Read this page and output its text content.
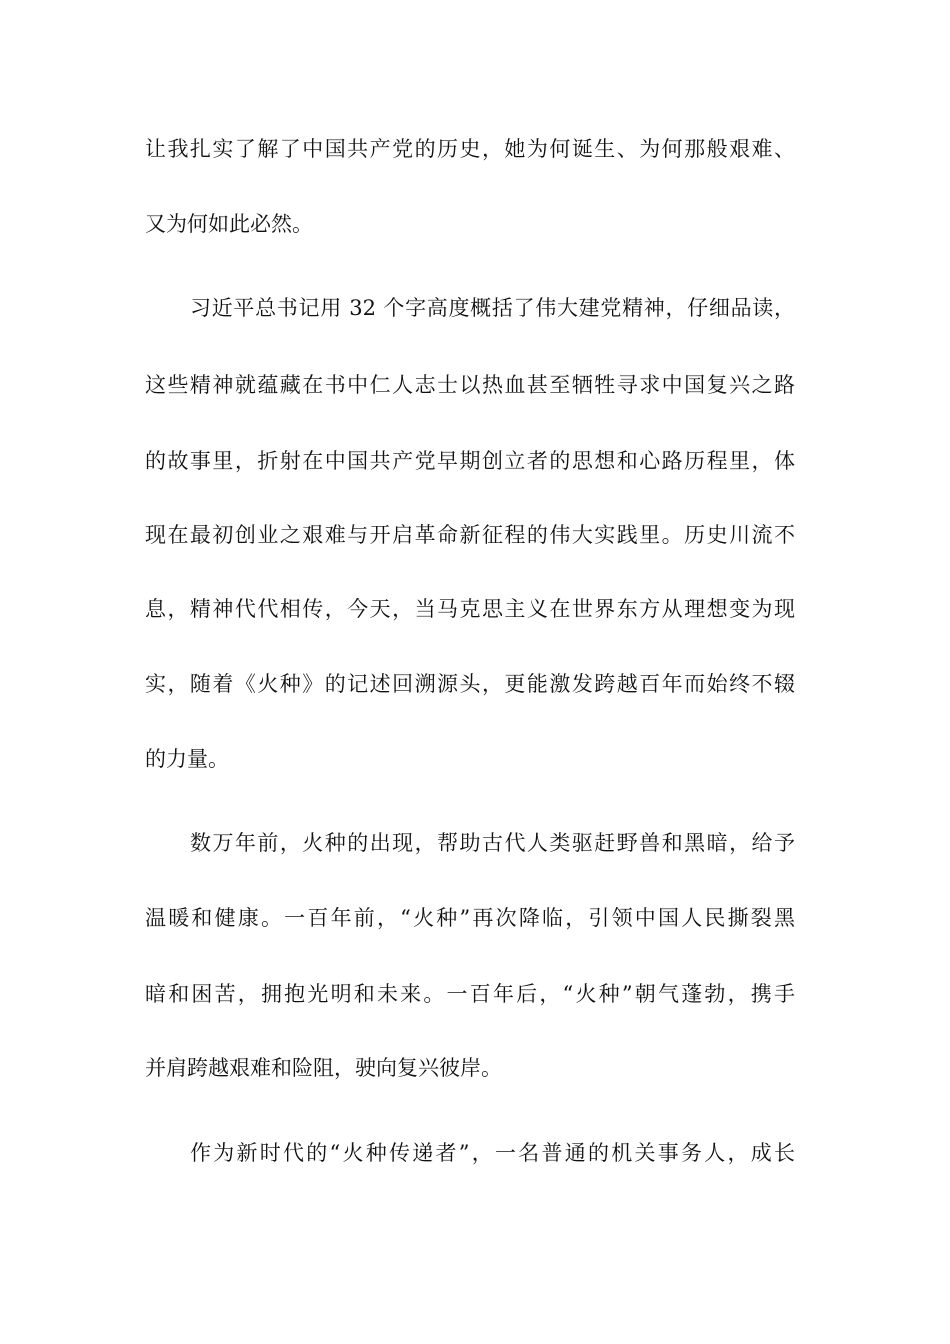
让我扎实了解了中国共产党的历史，她为何诞生、为何那般艰难、

又为何如此必然。

习近平总书记用 32 个字高度概括了伟大建党精神，仔细品读，

这些精神就蕴藏在书中仁人志士以热血甚至牺牲寻求中国复兴之路

的故事里，折射在中国共产党早期创立者的思想和心路历程里，体

现在最初创业之艰难与开启革命新征程的伟大实践里。历史川流不

息，精神代代相传，今天，当马克思主义在世界东方从理想变为现

实，随着《火种》的记述回溯源头，更能激发跨越百年而始终不辍

的力量。

数万年前，火种的出现，帮助古代人类驱赶野兽和黑暗，给予

温暖和健康。一百年前，“火种”再次降临，引领中国人民撕裂黑

暗和困苦，拥抱光明和未来。一百年后，“火种”朝气蓬勃，携手

并肩跨越艰难和险阻，驶向复兴彼岸。

作为新时代的“火种传递者”，一名普通的机关事务人，成长
